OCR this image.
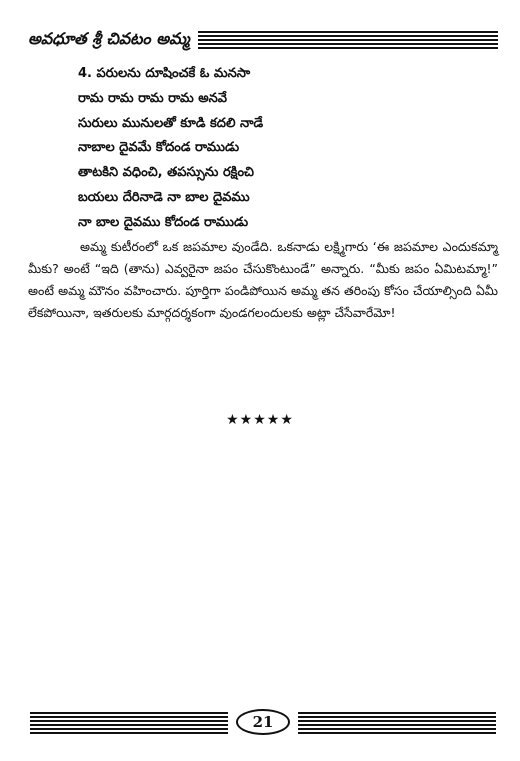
అవధూత శ్రీ చివటం అమ్మ
4. పరులను దూషించకే ఓ మనసా
రామ రామ రామ రామ అనవే
సురులు మునులతో కూడి కదలి నాడే
నాబాల దైవమే కోదండ రాముడు
తాటకిని వధించి, తపస్సును రక్షించి
బయలు దేరినాడె నా బాల దైవము
నా బాల దైవము కోదండ రాముడు

అమ్మ కుటీరంలో ఒక జపమాల వుండేది. ఒకనాడు లక్ష్మిగారు ‘ఈ జపమాల ఎందుకమ్మా మీకు? అంటే “ఇది (తాను) ఎవ్వరైనా జపం చేసుకొంటుండే” అన్నారు. “మీకు జపం ఏమిటమ్మా!” అంటే అమ్మ మౌనం వహించారు. పూర్తిగా పండిపోయిన అమ్మ తన తరింపు కోసం చేయాల్సింది ఏమీ లేకపోయినా, ఇతరులకు మార్గదర్శకంగా వుండగలందులకు అట్లా చేసేవారేమో!

★★★★★
21
